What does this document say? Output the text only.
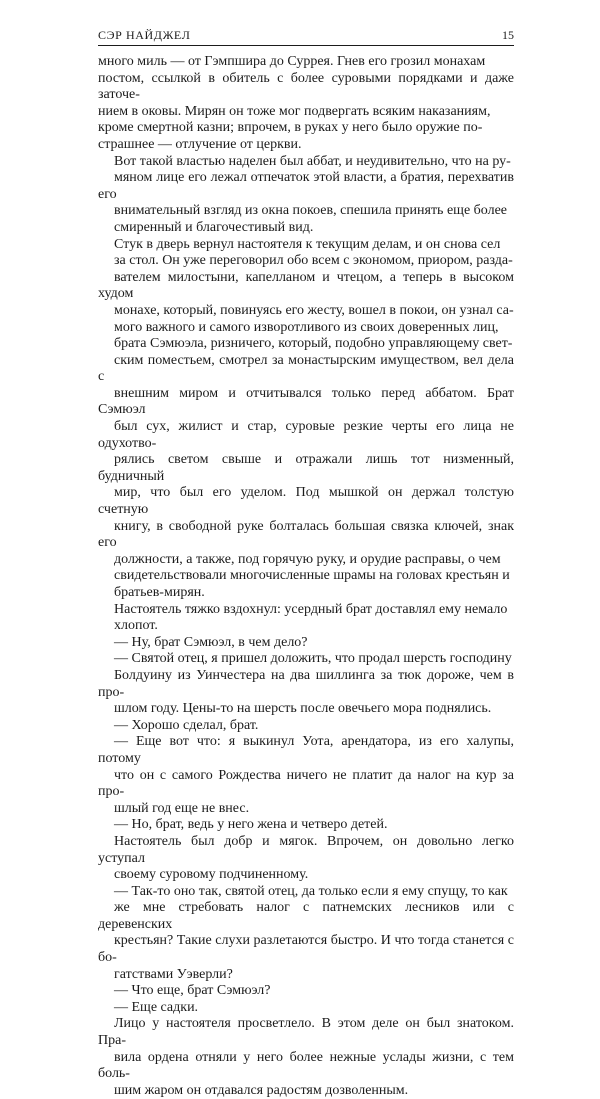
СЭР НАЙДЖЕЛ	15

много миль — от Гэмпшира до Суррея. Гнев его грозил монахам
постом, ссылкой в обитель с более суровыми порядками и даже заточе-
нием в оковы. Мирян он тоже мог подвергать всяким наказаниям,
кроме смертной казни; впрочем, в руках у него было оружие по-
страшнее — отлучение от церкви.

Вот такой властью наделен был аббат, и неудивительно, что на ру-
мяном лице его лежал отпечаток этой власти, а братия, перехватив его
внимательный взгляд из окна покоев, спешила принять еще более
смиренный и благочестивый вид.

Стук в дверь вернул настоятеля к текущим делам, и он снова сел
за стол. Он уже переговорил обо всем с экономом, приором, разда-
вателем милостыни, капелланом и чтецом, а теперь в высоком худом
монахе, который, повинуясь его жесту, вошел в покои, он узнал са-
мого важного и самого изворотливого из своих доверенных лиц,
брата Сэмюэла, ризничего, который, подобно управляющему свет-
ским поместьем, смотрел за монастырским имуществом, вел дела с
внешним миром и отчитывался только перед аббатом. Брат Сэмюэл
был сух, жилист и стар, суровые резкие черты его лица не одухотво-
рялись светом свыше и отражали лишь тот низменный, будничный
мир, что был его уделом. Под мышкой он держал толстую счетную
книгу, в свободной руке болталась большая связка ключей, знак его
должности, а также, под горячую руку, и орудие расправы, о чем
свидетельствовали многочисленные шрамы на головах крестьян и
братьев-мирян.

Настоятель тяжко вздохнул: усердный брат доставлял ему немало
хлопот.

— Ну, брат Сэмюэл, в чем дело?

— Святой отец, я пришел доложить, что продал шерсть господину
Болдуину из Уинчестера на два шиллинга за тюк дороже, чем в про-
шлом году. Цены-то на шерсть после овечьего мора поднялись.

— Хорошо сделал, брат.

— Еще вот что: я выкинул Уота, арендатора, из его халупы, потому
что он с самого Рождества ничего не платит да налог на кур за про-
шлый год еще не внес.

— Но, брат, ведь у него жена и четверо детей.

Настоятель был добр и мягок. Впрочем, он довольно легко уступал
своему суровому подчиненному.

— Так-то оно так, святой отец, да только если я ему спущу, то как
же мне стребовать налог с патнемских лесников или с деревенских
крестьян? Такие слухи разлетаются быстро. И что тогда станется с бо-
гатствами Уэверли?

— Что еще, брат Сэмюэл?

— Еще садки.

Лицо у настоятеля просветлело. В этом деле он был знатоком. Пра-
вила ордена отняли у него более нежные услады жизни, с тем боль-
шим жаром он отдавался радостям дозволенным.
